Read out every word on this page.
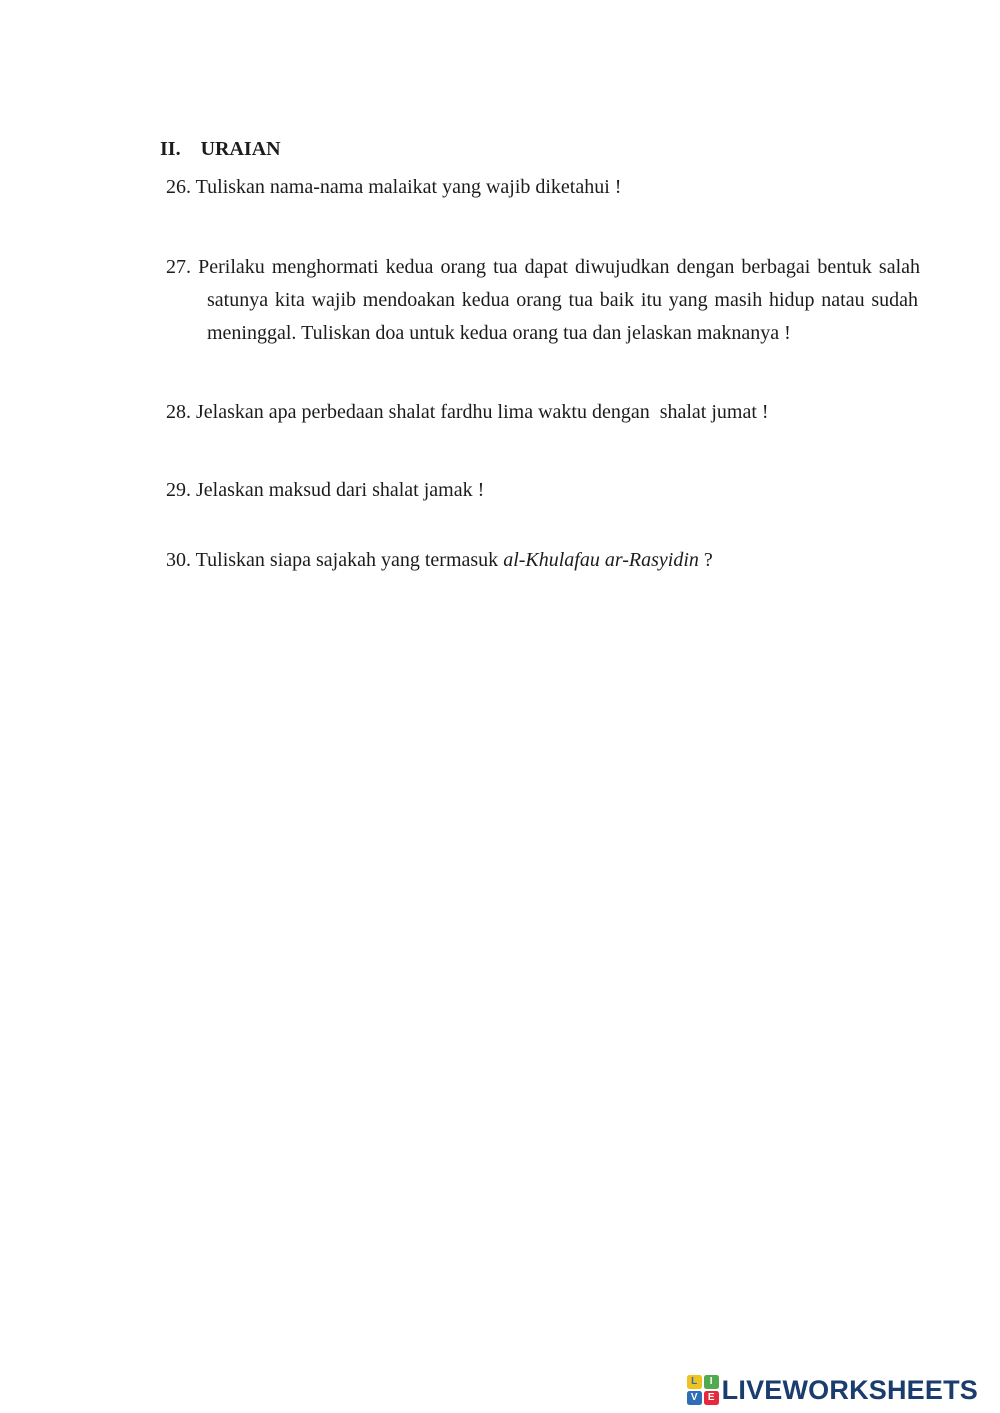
II. URAIAN
26. Tuliskan nama-nama malaikat yang wajib diketahui !
27. Perilaku menghormati kedua orang tua dapat diwujudkan dengan berbagai bentuk salah
satunya kita wajib mendoakan kedua orang tua baik itu yang masih hidup natau sudah
meninggal. Tuliskan doa untuk kedua orang tua dan jelaskan maknanya !
28. Jelaskan apa perbedaan shalat fardhu lima waktu dengan  shalat jumat !
29. Jelaskan maksud dari shalat jamak !
30. Tuliskan siapa sajakah yang termasuk al-Khulafau ar-Rasyidin ?
L	I
V	E LIVEWORKSHEETS
